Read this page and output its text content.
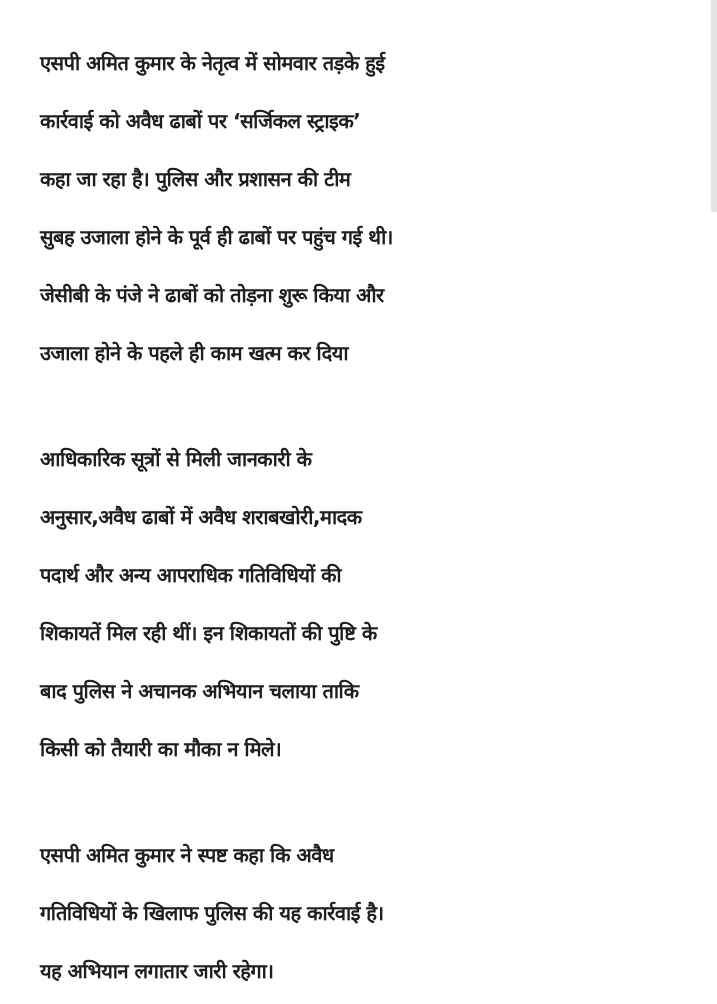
एसपी अमित कुमार के नेतृत्व में सोमवार तड़के हुई
कार्रवाई को अवैध ढाबों पर ‘सर्जिकल स्ट्राइक’
कहा जा रहा है। पुलिस और प्रशासन की टीम
सुबह उजाला होने के पूर्व ही ढाबों पर पहुंच गई थी।
जेसीबी के पंजे ने ढाबों को तोड़ना शुरू किया और
उजाला होने के पहले ही काम खत्म कर दिया

आधिकारिक सूत्रों से मिली जानकारी के
अनुसार,अवैध ढाबों में अवैध शराबखोरी,मादक
पदार्थ और अन्य आपराधिक गतिविधियों की
शिकायतें मिल रही थीं। इन शिकायतों की पुष्टि के
बाद पुलिस ने अचानक अभियान चलाया ताकि
किसी को तैयारी का मौका न मिले।

एसपी अमित कुमार ने स्पष्ट कहा कि अवैध
गतिविधियों के खिलाफ पुलिस की यह कार्रवाई है।
यह अभियान लगातार जारी रहेगा।
